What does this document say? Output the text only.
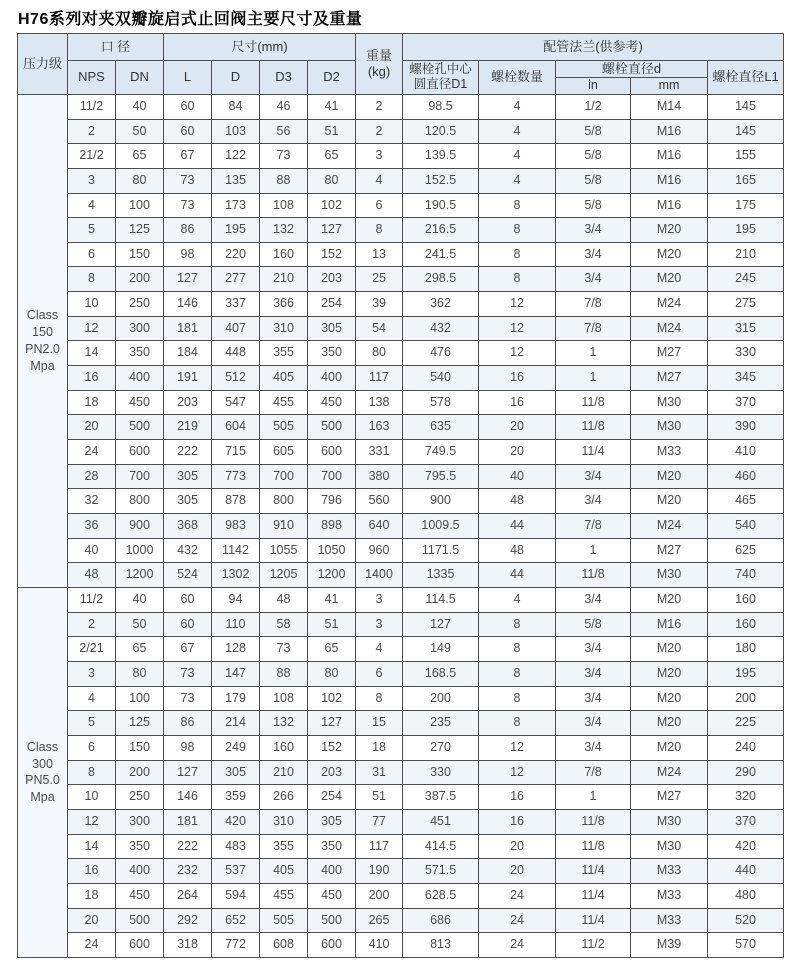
H76系列对夹双瓣旋启式止回阀主要尺寸及重量
压力级	口 径		尺寸(mm)				重量
(kg)	配管法兰(供参考)				
	NPS	DN	L	D	D3	D2		螺栓孔中心圆直径D1	螺栓数量	螺栓直径d		螺栓直径L1
										in	mm	
Class
150
PN2.0
Mpa	11/2	40	60	84	46	41	2	98.5	4	1/2	M14	145
	2	50	60	103	56	51	2	120.5	4	5/8	M16	145
	21/2	65	67	122	73	65	3	139.5	4	5/8	M16	155
	3	80	73	135	88	80	4	152.5	4	5/8	M16	165
	4	100	73	173	108	102	6	190.5	8	5/8	M16	175
	5	125	86	195	132	127	8	216.5	8	3/4	M20	195
	6	150	98	220	160	152	13	241.5	8	3/4	M20	210
	8	200	127	277	210	203	25	298.5	8	3/4	M20	245
	10	250	146	337	366	254	39	362	12	7/8	M24	275
	12	300	181	407	310	305	54	432	12	7/8	M24	315
	14	350	184	448	355	350	80	476	12	1	M27	330
	16	400	191	512	405	400	117	540	16	1	M27	345
	18	450	203	547	455	450	138	578	16	11/8	M30	370
	20	500	219	604	505	500	163	635	20	11/8	M30	390
	24	600	222	715	605	600	331	749.5	20	11/4	M33	410
	28	700	305	773	700	700	380	795.5	40	3/4	M20	460
	32	800	305	878	800	796	560	900	48	3/4	M20	465
	36	900	368	983	910	898	640	1009.5	44	7/8	M24	540
	40	1000	432	1142	1055	1050	960	1171.5	48	1	M27	625
	48	1200	524	1302	1205	1200	1400	1335	44	11/8	M30	740
Class
300
PN5.0
Mpa	11/2	40	60	94	48	41	3	114.5	4	3/4	M20	160
	2	50	60	110	58	51	3	127	8	5/8	M16	160
	2/21	65	67	128	73	65	4	149	8	3/4	M20	180
	3	80	73	147	88	80	6	168.5	8	3/4	M20	195
	4	100	73	179	108	102	8	200	8	3/4	M20	200
	5	125	86	214	132	127	15	235	8	3/4	M20	225
	6	150	98	249	160	152	18	270	12	3/4	M20	240
	8	200	127	305	210	203	31	330	12	7/8	M24	290
	10	250	146	359	266	254	51	387.5	16	1	M27	320
	12	300	181	420	310	305	77	451	16	11/8	M30	370
	14	350	222	483	355	350	117	414.5	20	11/8	M30	420
	16	400	232	537	405	400	190	571.5	20	11/4	M33	440
	18	450	264	594	455	450	200	628.5	24	11/4	M33	480
	20	500	292	652	505	500	265	686	24	11/4	M33	520
	24	600	318	772	608	600	410	813	24	11/2	M39	570
